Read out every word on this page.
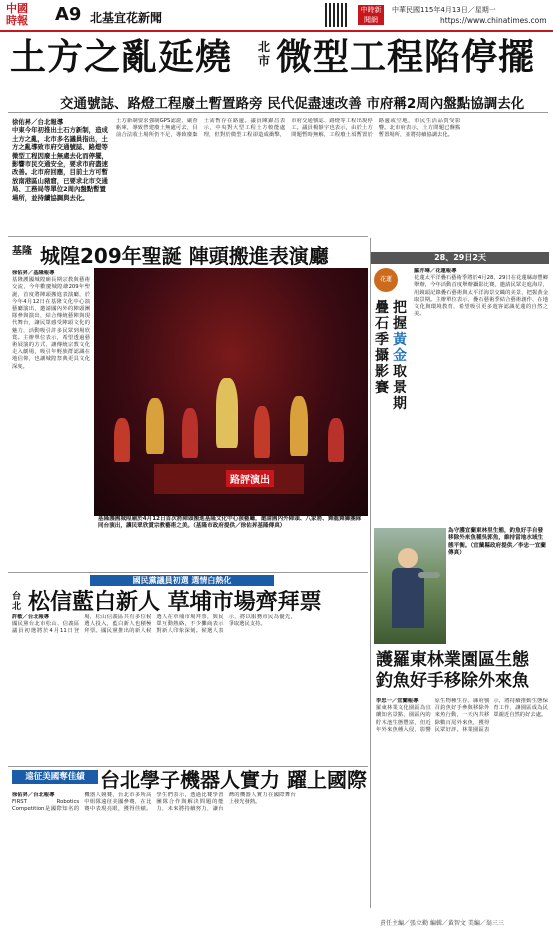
中國
時報 A9 北基宜花新聞
中時新聞網
中華民國115年4月13日／星期一
https://www.chinatimes.com
土方之亂延燒 北市 微型工程陷停擺
交通號誌、路燈工程廢土暫置路旁 民代促盡速改善 市府稱2周內盤點協調去化
徐佑昇／台北報導
中東今年初推出土石方新制，造成土方之亂，北市多名議員指出，土方之亂導致市府交通號誌、路燈等微型工程因廢土無處去化而停擺，影響市民交通安全，要求市府盡速改善。北市府回應，目前土方可暫放南港區山豬窟，已要求北市交通局、工務局等單位2周內盤點暫置場所，並持續協調與去化。
土方新制要求強制GPS認證、嚴查虧庫，導致營建廢土無處可去，目前合法收土場所仍不足，導致廢棄土需暫存在路邊。議員陳錦昌表示，中央對大型工程土方較能處理，但對於微型工程卻造成衝擊，市府交通號誌、路燈等工程出現停工。議員楊靜宇也表示，由於土方問題暫時無解，工程廢土須暫置於路邊或空地，市民生活品質受影響。北市府表示，土方問題已盤點暫置場所，並將持續協調去化。
基隆 城隍209年聖誕 陣頭搬進表演廳
徐佑昇／基隆報導
基隆護國城隍廟長期宗教與藝術交流，今年歡慶城隍爺209年聖誕，首度將陣頭搬進表演廳，於今年4月12日在基隆文化中心演藝廳演出，邀請國內外的陣頭團隊參與演出，結合傳統藝陣與現代舞台，讓民眾感受陣頭文化的魅力，活動吸引許多民眾到場欣賞。主辦單位表示，希望透過藝術展演的方式，讓傳統宗教文化走入劇場，吸引年輕族群認識在地信仰，也讓城隍祭典更具文化深度。
路評演出
基隆護國城隍廟於4月12日首次將陣頭搬進基隆文化中心演藝廳，邀請國內外陣頭、八家將、舞龍舞獅團隊同台演出，讓民眾欣賞宗教藝術之美。（基隆市政府提供／徐佑昇基隆傳真）
28、29日2天
花蓮
疊石季攝影賽
把握黃金取景期
羅亦琳／花蓮報導
花蓮太平洋疊石藝術季將於4月28、29日在花蓮縣壽豐鄉舉辦，今年活動首度舉辦攝影比賽，邀請民眾走進海岸，用鏡頭記錄疊石藝術與太平洋海景交織的美景，把握黃金取景期。主辦單位表示，疊石藝術季結合藝術創作、在地文化與環境教育，希望吸引更多遊客認識花蓮的自然之美。
為守護宜蘭東林里生態，釣魚好手自發移除外來魚種吳郭魚，維持當地水域生態平衡。（宜蘭縣政府提供／李忠一宜蘭傳真）
護羅東林業園區生態 釣魚好手移除外來魚
李忠一／宜蘭報導
羅東林業文化園區為宜蘭知名景點，園區內的貯木池生態豐富，但近年外來魚種入侵，影響原生物種生存。縣府號召釣魚好手參與移除外來魚行動，一天內共移除數百尾外來魚，獲得民眾好評。林業園區表示，將持續推動生態保育工作，讓園區成為民眾親近自然的好去處。
國民黨議員初選 選情白熱化
台北 松信藍白新人 草埔市場齊拜票
許敏／台北報導
國民黨台北市松山、信義區議員初選將於4月11日登場，松山信義區共有多位候選人投入，藍白新人也積極拜票。國民黨推出的新人候選人在草埔市場拜票，與民眾互動熱絡，不少攤商表示對新人印象深刻。候選人表示，將以服務市民為優先，爭取選民支持。
遠征美國奪佳績 台北學子機器人實力 躍上國際
徐佑昇／台北報導
FIRST Robotics Competition是國際知名的機器人競賽，台北市多所高中組隊遠征美國參賽，在比賽中表現亮眼，獲得佳績。學生們表示，透過比賽學習團隊合作與解決問題的能力，未來將持續努力，讓台灣的機器人實力在國際舞台上發光發熱。
責任主編／張立勤 編輯／黃智文 美編／翁三三
